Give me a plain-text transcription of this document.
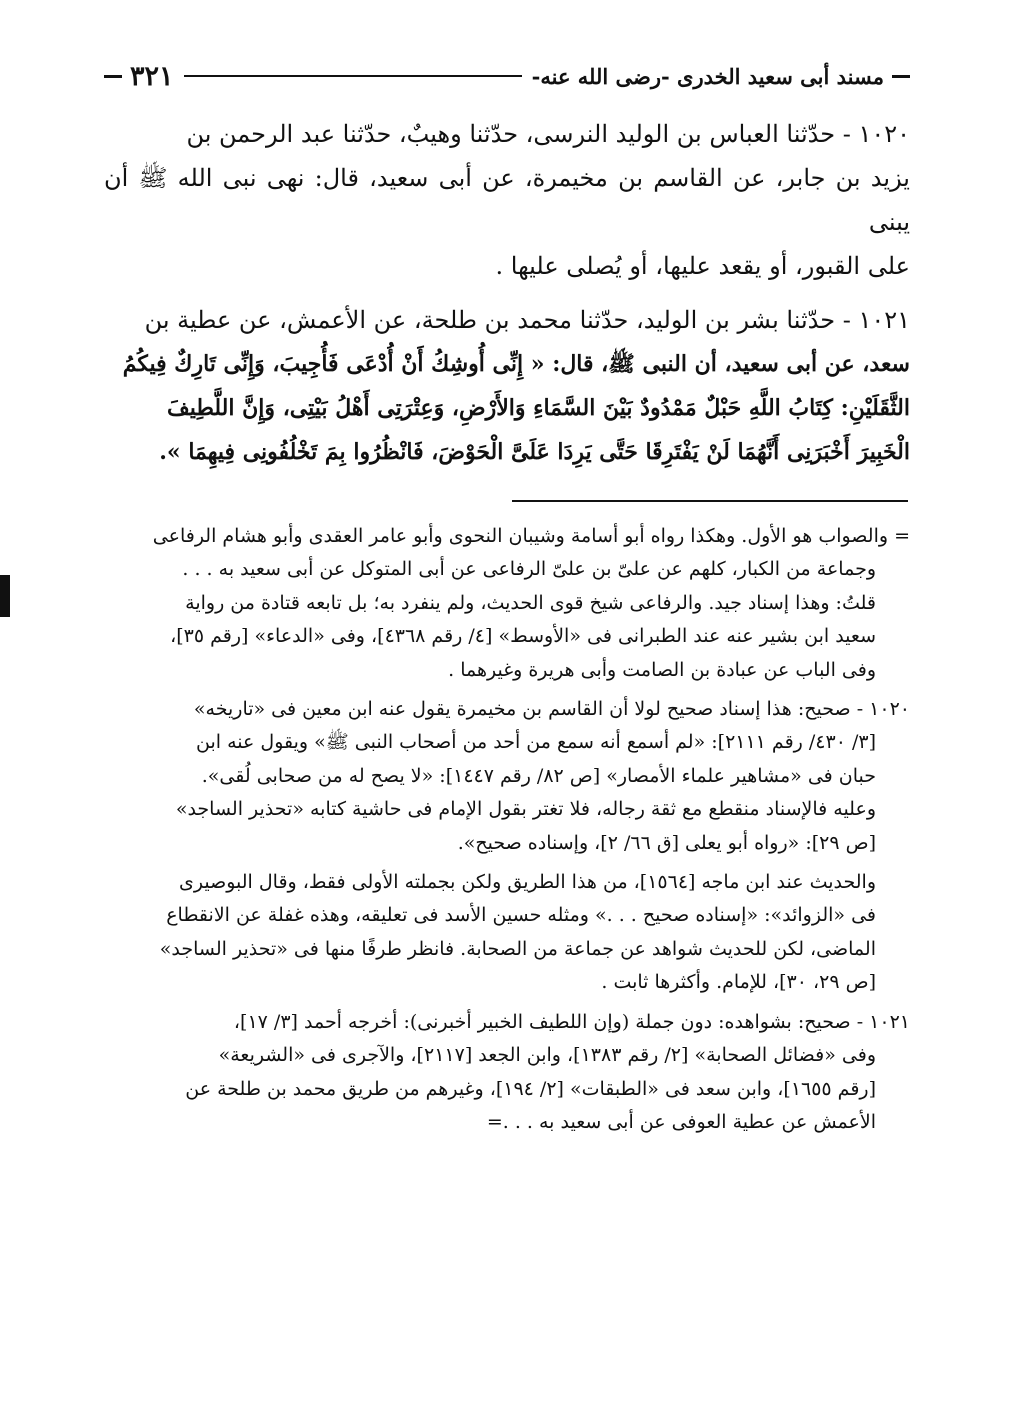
مسند أبى سعيد الخدرى -رضى الله عنه-
٣٢١
١٠٢٠ - حدّثنا العباس بن الوليد النرسى، حدّثنا وهيبٌ، حدّثنا عبد الرحمن بن
يزيد بن جابر، عن القاسم بن مخيمرة، عن أبى سعيد، قال: نهى نبى الله ﷺ أن يبنى
على القبور، أو يقعد عليها، أو يُصلى عليها .
١٠٢١ - حدّثنا بشر بن الوليد، حدّثنا محمد بن طلحة، عن الأعمش، عن عطية بن
سعد، عن أبى سعيد، أن النبى ﷺ، قال: « إِنِّى أُوشِكُ أَنْ أُدْعَى فَأُجِيبَ، وَإِنِّى تَارِكٌ فِيكُمُ
الثَّقَلَيْنِ: كِتَابُ اللَّهِ حَبْلٌ مَمْدُودٌ بَيْنَ السَّمَاءِ وَالأَرْضِ، وَعِتْرَتِى أَهْلُ بَيْتِى، وَإِنَّ اللَّطِيفَ
الْخَبِيرَ أَخْبَرَنِى أَنَّهُمَا لَنْ يَفْتَرِقَا حَتَّى يَرِدَا عَلَىَّ الْحَوْضَ، فَانْظُرُوا بِمَ تَخْلُفُونِى فِيهِمَا ».
= والصواب هو الأول. وهكذا رواه أبو أسامة وشيبان النحوى وأبو عامر العقدى وأبو هشام الرفاعى
وجماعة من الكبار، كلهم عن علىّ بن علىّ الرفاعى عن أبى المتوكل عن أبى سعيد به . . .
قلتُ: وهذا إسناد جيد. والرفاعى شيخ قوى الحديث، ولم ينفرد به؛ بل تابعه قتادة من رواية
سعيد ابن بشير عنه عند الطبرانى فى «الأوسط» [٤/ رقم ٤٣٦٨]، وفى «الدعاء» [رقم ٣٥]،
وفى الباب عن عبادة بن الصامت وأبى هريرة وغيرهما .
١٠٢٠ - صحيح: هذا إسناد صحيح لولا أن القاسم بن مخيمرة يقول عنه ابن معين فى «تاريخه»
[٣/ ٤٣٠/ رقم ٢١١١]: «لم أسمع أنه سمع من أحد من أصحاب النبى ﷺ» ويقول عنه ابن
حبان فى «مشاهير علماء الأمصار» [ص ٨٢/ رقم ١٤٤٧]: «لا يصح له من صحابى لُقى».
وعليه فالإسناد منقطع مع ثقة رجاله، فلا تغتر بقول الإمام فى حاشية كتابه «تحذير الساجد»
[ص ٢٩]: «رواه أبو يعلى [ق ٦٦/ ٢]، وإسناده صحيح».
والحديث عند ابن ماجه [١٥٦٤]، من هذا الطريق ولكن بجملته الأولى فقط، وقال البوصيرى
فى «الزوائد»: «إسناده صحيح . . .» ومثله حسين الأسد فى تعليقه، وهذه غفلة عن الانقطاع
الماضى، لكن للحديث شواهد عن جماعة من الصحابة. فانظر طرفًا منها فى «تحذير الساجد»
[ص ٢٩، ٣٠]، للإمام. وأكثرها ثابت .
١٠٢١ - صحيح: بشواهده: دون جملة (وإن اللطيف الخبير أخبرنى): أخرجه أحمد [٣/ ١٧]،
وفى «فضائل الصحابة» [٢/ رقم ١٣٨٣]، وابن الجعد [٢١١٧]، والآجرى فى «الشريعة»
[رقم ١٦٥٥]، وابن سعد فى «الطبقات» [٢/ ١٩٤]، وغيرهم من طريق محمد بن طلحة عن
الأعمش عن عطية العوفى عن أبى سعيد به . . .
=
